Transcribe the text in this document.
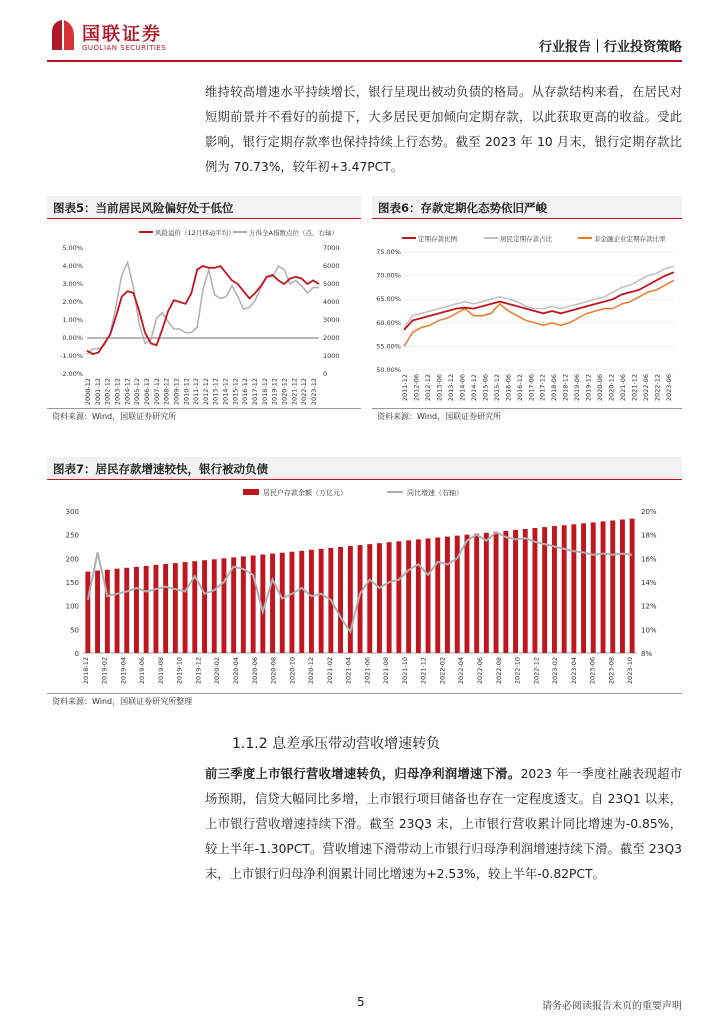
国联证券
GUOLIAN SECURITIES	行业报告｜行业投资策略
维持较高增速水平持续增长，银行呈现出被动负债的格局。从存款结构来看，在居民对短期前景并不看好的前提下，大多居民更加倾向定期存款，以此获取更高的收益。受此影响，银行定期存款率也保持持续上行态势。截至 2023 年 10 月末，银行定期存款比例为 70.73%，较年初+3.47PCT。
图表5：当前居民风险偏好处于低位
风险溢价（12月移动平均） 万得全A指数点位（点，右轴）
5.00%
4.00%
3.00%
2.00%
1.00%
0.00%
-1.00%
-2.00%
7000
6000
5000
4000
3000
2000
1000
0
2000-12 2001-12 2002-12 2003-12 2004-12 2005-12 2006-12 2007-12 2008-12 2009-12 2010-12 2011-12 2012-12 2013-12 2014-12 2015-12 2016-12 2017-12 2018-12 2019-12 2020-12 2021-12 2022-12 2023-12
资料来源：Wind，国联证券研究所
图表6：存款定期化态势依旧严峻
定期存款比例	居民定期存款占比	非金融企业定期存款比率
75.00%
70.00%
65.00%
60.00%
55.00%
50.00%
2011-12 2012-06 2012-12 2013-06 2013-12 2014-06 2014-12 2015-06 2015-12 2016-06 2016-12 2017-06 2017-12 2018-06 2018-12 2019-06 2019-12 2020-06 2020-12 2021-06 2021-12 2022-06 2022-12 2023-06
资料来源：Wind，国联证券研究所
图表7：居民存款增速较快，银行被动负债
居民户存款余额（万亿元）	同比增速（右轴）
300
250
200
150
100
50
0
20%
18%
16%
14%
12%
10%
8%
2018-12 2019-02 2019-04 2019-06 2019-08 2019-10 2019-12 2020-02 2020-04 2020-06 2020-08 2020-10 2020-12 2021-02 2021-04 2021-06 2021-08 2021-10 2021-12 2022-02 2022-04 2022-06 2022-08 2022-10 2022-12 2023-02 2023-04 2023-06 2023-08 2023-10
资料来源：Wind，国联证券研究所整理
1.1.2 息差承压带动营收增速转负
前三季度上市银行营收增速转负，归母净利润增速下滑。2023 年一季度社融表现超市场预期，信贷大幅同比多增，上市银行项目储备也存在一定程度透支。自 23Q1 以来，上市银行营收增速持续下滑。截至 23Q3 末，上市银行营收累计同比增速为-0.85%，较上半年-1.30PCT。营收增速下滑带动上市银行归母净利润增速持续下滑。截至 23Q3 末，上市银行归母净利润累计同比增速为+2.53%，较上半年-0.82PCT。
5	请务必阅读报告末页的重要声明
